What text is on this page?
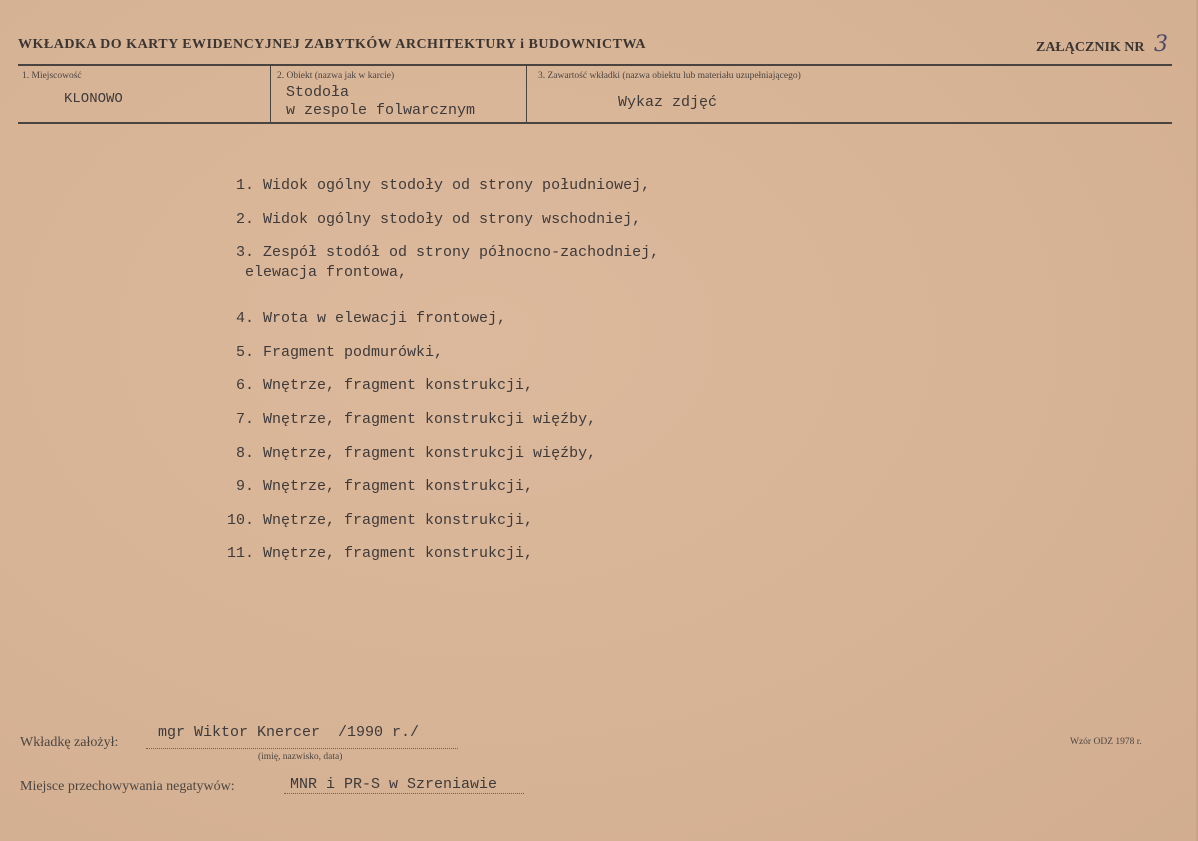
WKŁADKA DO KARTY EWIDENCYJNEJ ZABYTKÓW ARCHITEKTURY i BUDOWNICTWA	ZAŁĄCZNIK NR 3
1. Miejscowość
KLONOWO
2. Obiekt (nazwa jak w karcie)
Stodoła
w zespole folwarcznym
3. Zawartość wkładki (nazwa obiektu lub materiału uzupełniającego)
Wykaz zdjęć
1. Widok ogólny stodoły od strony południowej,
2. Widok ogólny stodoły od strony wschodniej,
3. Zespół stodół od strony północno-zachodniej,
elewacja frontowa,
4. Wrota w elewacji frontowej,
5. Fragment podmurówki,
6. Wnętrze, fragment konstrukcji,
7. Wnętrze, fragment konstrukcji więźby,
8. Wnętrze, fragment konstrukcji więźby,
9. Wnętrze, fragment konstrukcji,
10. Wnętrze, fragment konstrukcji,
11. Wnętrze, fragment konstrukcji,
Wkładkę założył:
mgr Wiktor Knercer  /1990 r./
(imię, nazwisko, data)
Wzór ODZ 1978 r.
Miejsce przechowywania negatywów:	MNR i PR-S w Szreniawie
